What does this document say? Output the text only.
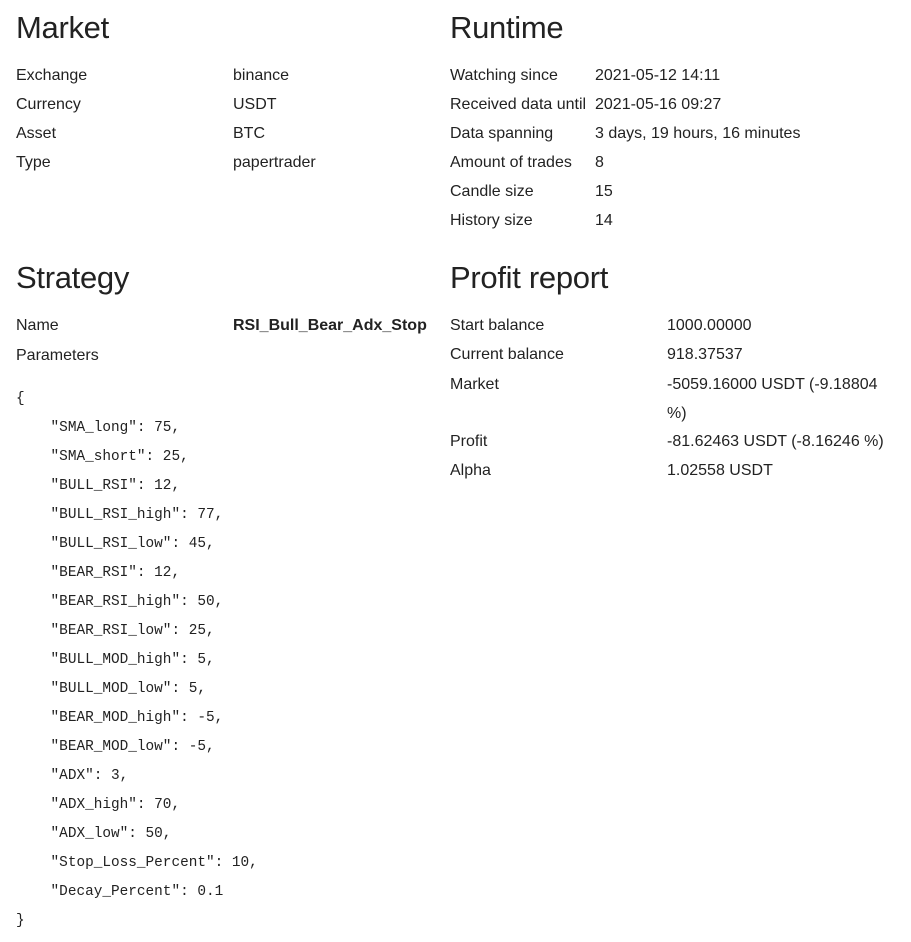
Market
Exchange	binance
Currency	USDT
Asset	BTC
Type	papertrader
Runtime
Watching since 2021-05-12 14:11
Received data until 2021-05-16 09:27
Data spanning	3 days, 19 hours, 16 minutes
Amount of trades 8
Candle size	15
History size	14
Strategy
Name	RSI_Bull_Bear_Adx_Stop
Parameters
{
"SMA_long": 75,
"SMA_short": 25,
"BULL_RSI": 12,
"BULL_RSI_high": 77,
"BULL_RSI_low": 45,
"BEAR_RSI": 12,
"BEAR_RSI_high": 50,
"BEAR_RSI_low": 25,
"BULL_MOD_high": 5,
"BULL_MOD_low": 5,
"BEAR_MOD_high": -5,
"BEAR_MOD_low": -5,
"ADX": 3,
"ADX_high": 70,
"ADX_low": 50,
"Stop_Loss_Percent": 10,
"Decay_Percent": 0.1
}
Profit report
Start balance	1000.00000
Current balance	918.37537
Market	-5059.16000 USDT (-9.18804 %)
Profit	-81.62463 USDT (-8.16246 %)
Alpha	1.02558 USDT
